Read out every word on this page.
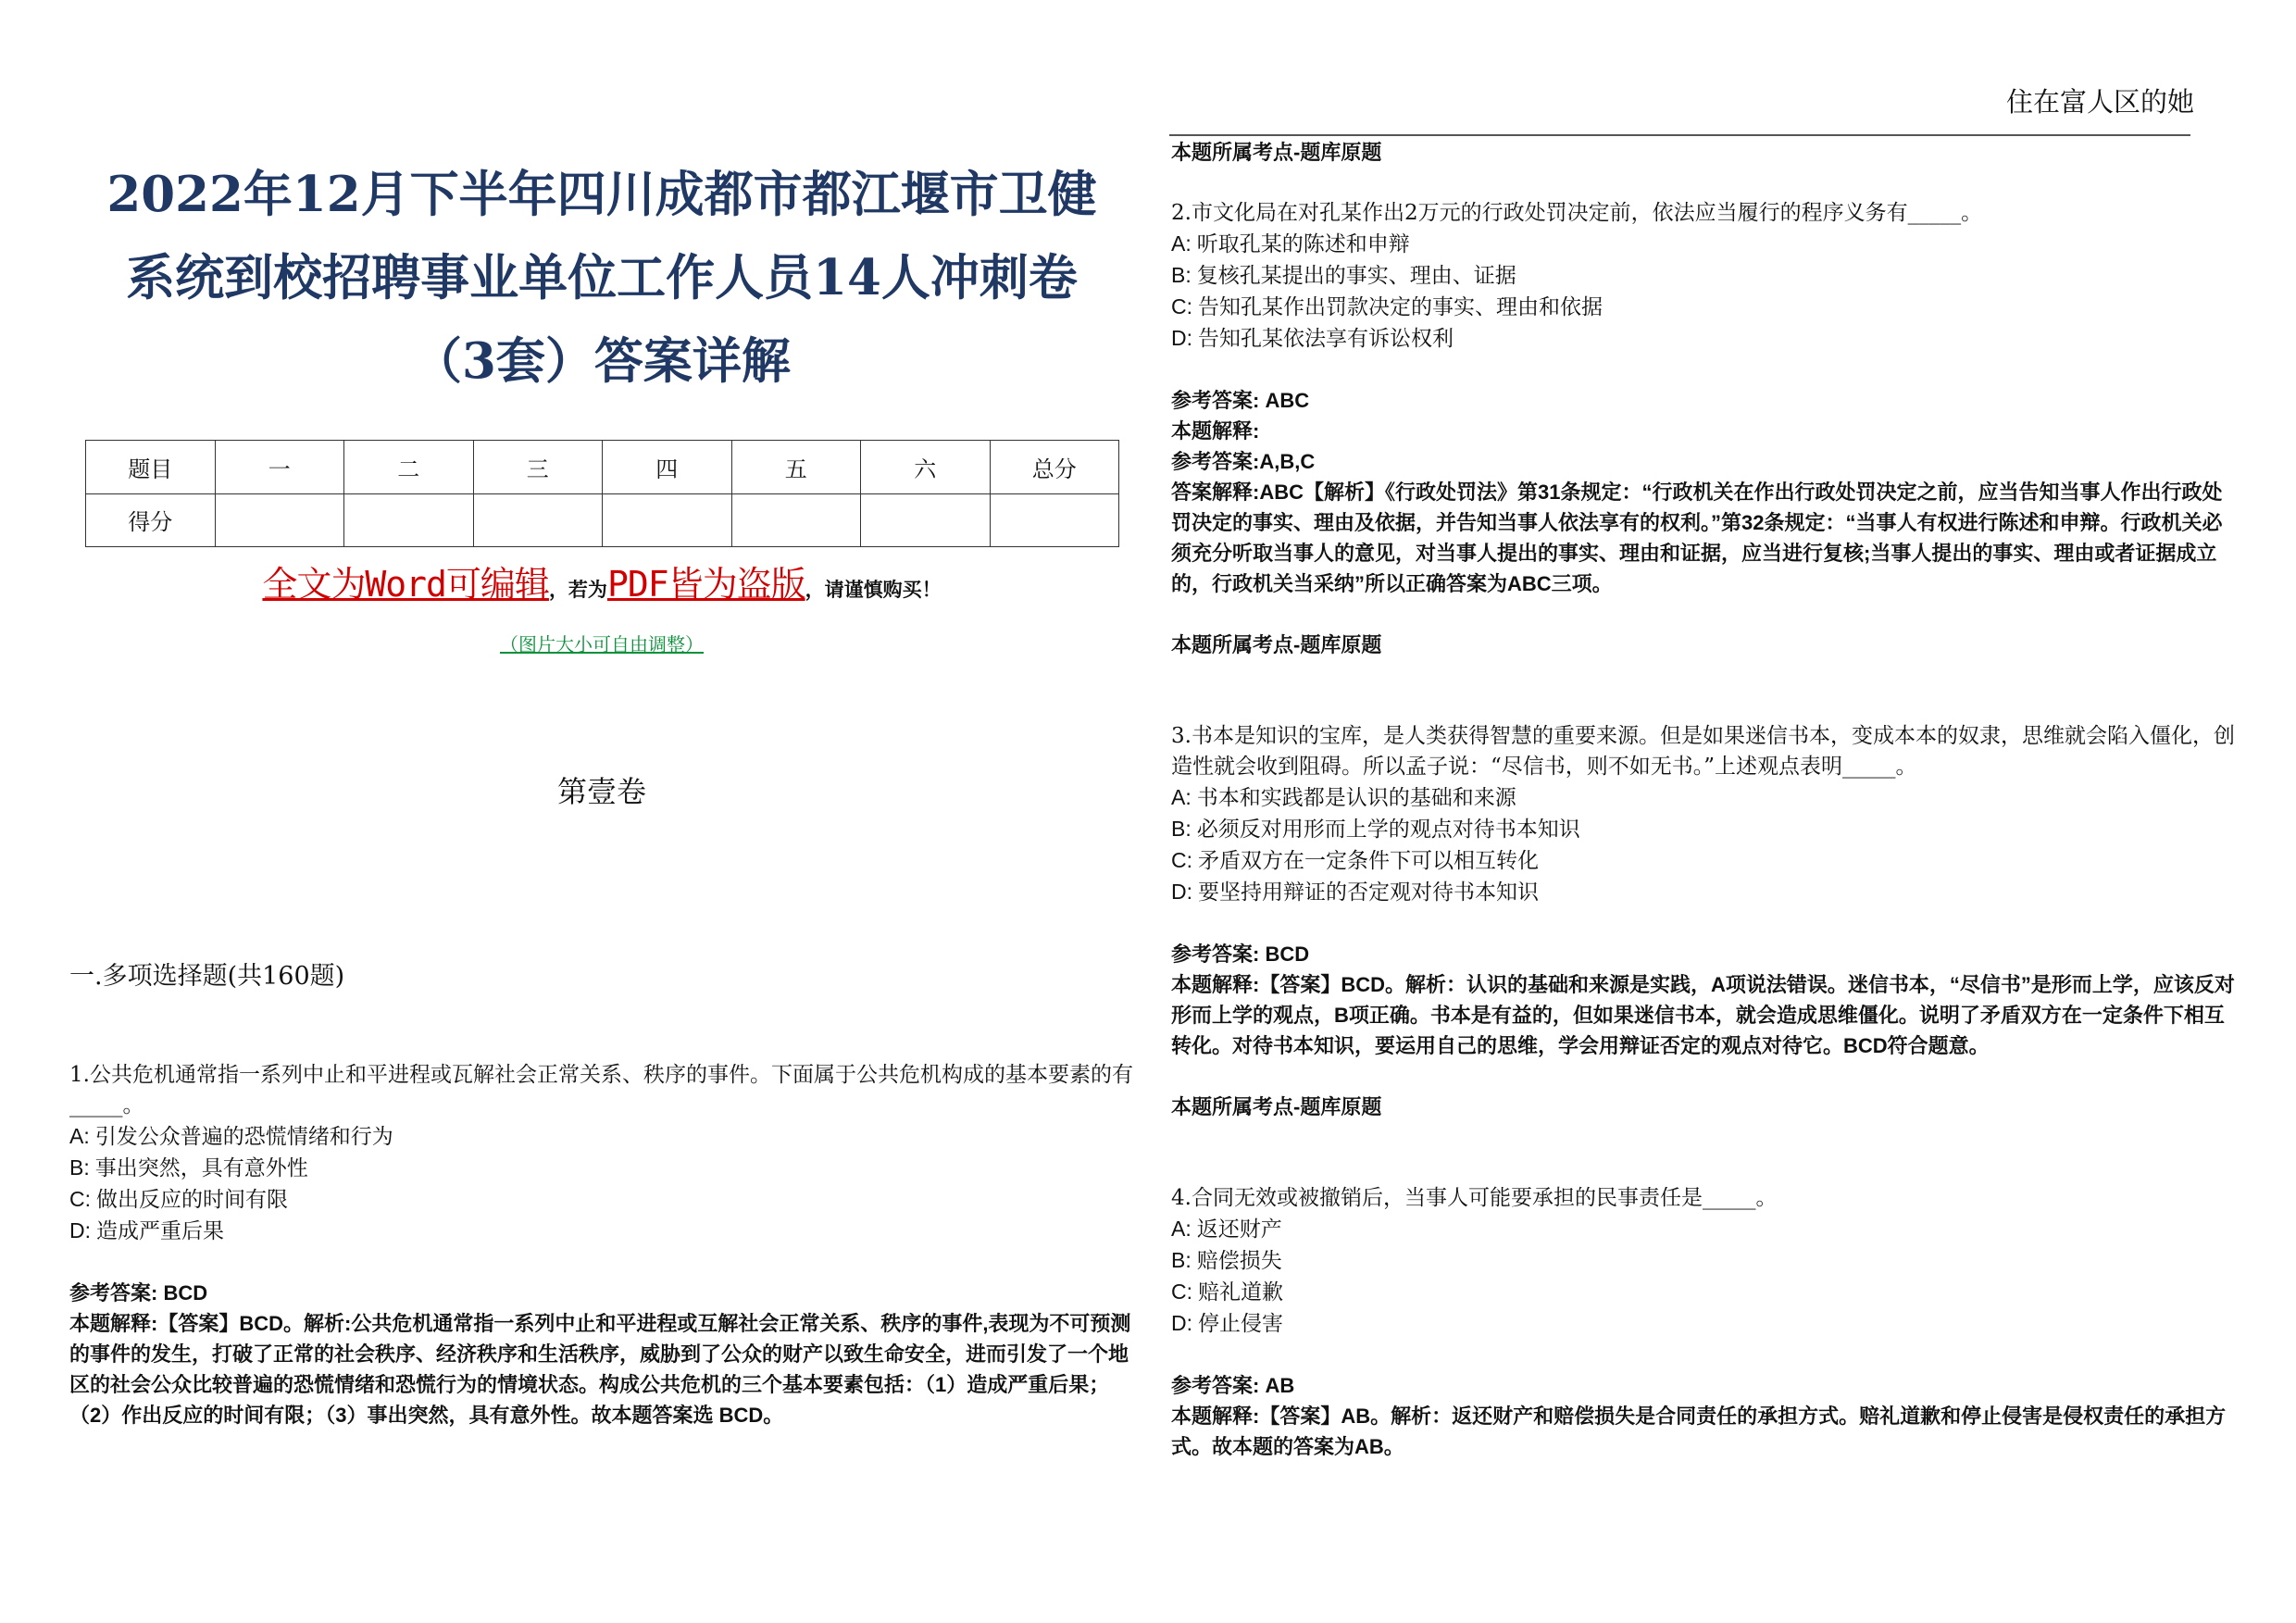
住在富人区的她
2022年12月下半年四川成都市都江堰市卫健
系统到校招聘事业单位工作人员14人冲刺卷
（3套）答案详解
题目	一	二	三	四	五	六	总分
得分							
全文为Word可编辑，若为PDF皆为盗版，请谨慎购买！
（图片大小可自由调整）
第壹卷
一.多项选择题(共160题)

1.公共危机通常指一系列中止和平进程或瓦解社会正常关系、秩序的事件。下面属于公共危机构成的基本要素的有_____。

A: 引发公众普遍的恐慌情绪和行为

B: 事出突然，具有意外性

C: 做出反应的时间有限

D: 造成严重后果

参考答案: BCD

本题解释:【答案】BCD。解析:公共危机通常指一系列中止和平进程或互解社会正常关系、秩序的事件,表现为不可预测的事件的发生，打破了正常的社会秩序、经济秩序和生活秩序，威胁到了公众的财产以致生命安全，进而引发了一个地区的社会公众比较普遍的恐慌情绪和恐慌行为的情境状态。构成公共危机的三个基本要素包括：（1）造成严重后果；（2）作出反应的时间有限；（3）事出突然，具有意外性。故本题答案选 BCD。

本题所属考点-题库原题

2.市文化局在对孔某作出2万元的行政处罚决定前，依法应当履行的程序义务有_____。

A: 听取孔某的陈述和申辩

B: 复核孔某提出的事实、理由、证据

C: 告知孔某作出罚款决定的事实、理由和依据

D: 告知孔某依法享有诉讼权利

参考答案: ABC

本题解释:

参考答案:A,B,C

答案解释:ABC【解析】《行政处罚法》第31条规定：“行政机关在作出行政处罚决定之前，应当告知当事人作出行政处罚决定的事实、理由及依据，并告知当事人依法享有的权利。”第32条规定：“当事人有权进行陈述和申辩。行政机关必须充分听取当事人的意见，对当事人提出的事实、理由和证据，应当进行复核;当事人提出的事实、理由或者证据成立的，行政机关当采纳”所以正确答案为ABC三项。

本题所属考点-题库原题

3.书本是知识的宝库，是人类获得智慧的重要来源。但是如果迷信书本，变成本本的奴隶，思维就会陷入僵化，创造性就会收到阻碍。所以孟子说：“尽信书，则不如无书。”上述观点表明_____。

A: 书本和实践都是认识的基础和来源

B: 必须反对用形而上学的观点对待书本知识

C: 矛盾双方在一定条件下可以相互转化

D: 要坚持用辩证的否定观对待书本知识

参考答案: BCD

本题解释:【答案】BCD。解析：认识的基础和来源是实践，A项说法错误。迷信书本，“尽信书”是形而上学，应该反对形而上学的观点，B项正确。书本是有益的，但如果迷信书本，就会造成思维僵化。说明了矛盾双方在一定条件下相互转化。对待书本知识，要运用自己的思维，学会用辩证否定的观点对待它。BCD符合题意。

本题所属考点-题库原题

4.合同无效或被撤销后，当事人可能要承担的民事责任是_____。

A: 返还财产

B: 赔偿损失

C: 赔礼道歉

D: 停止侵害

参考答案: AB

本题解释:【答案】AB。解析：返还财产和赔偿损失是合同责任的承担方式。赔礼道歉和停止侵害是侵权责任的承担方式。故本题的答案为AB。
